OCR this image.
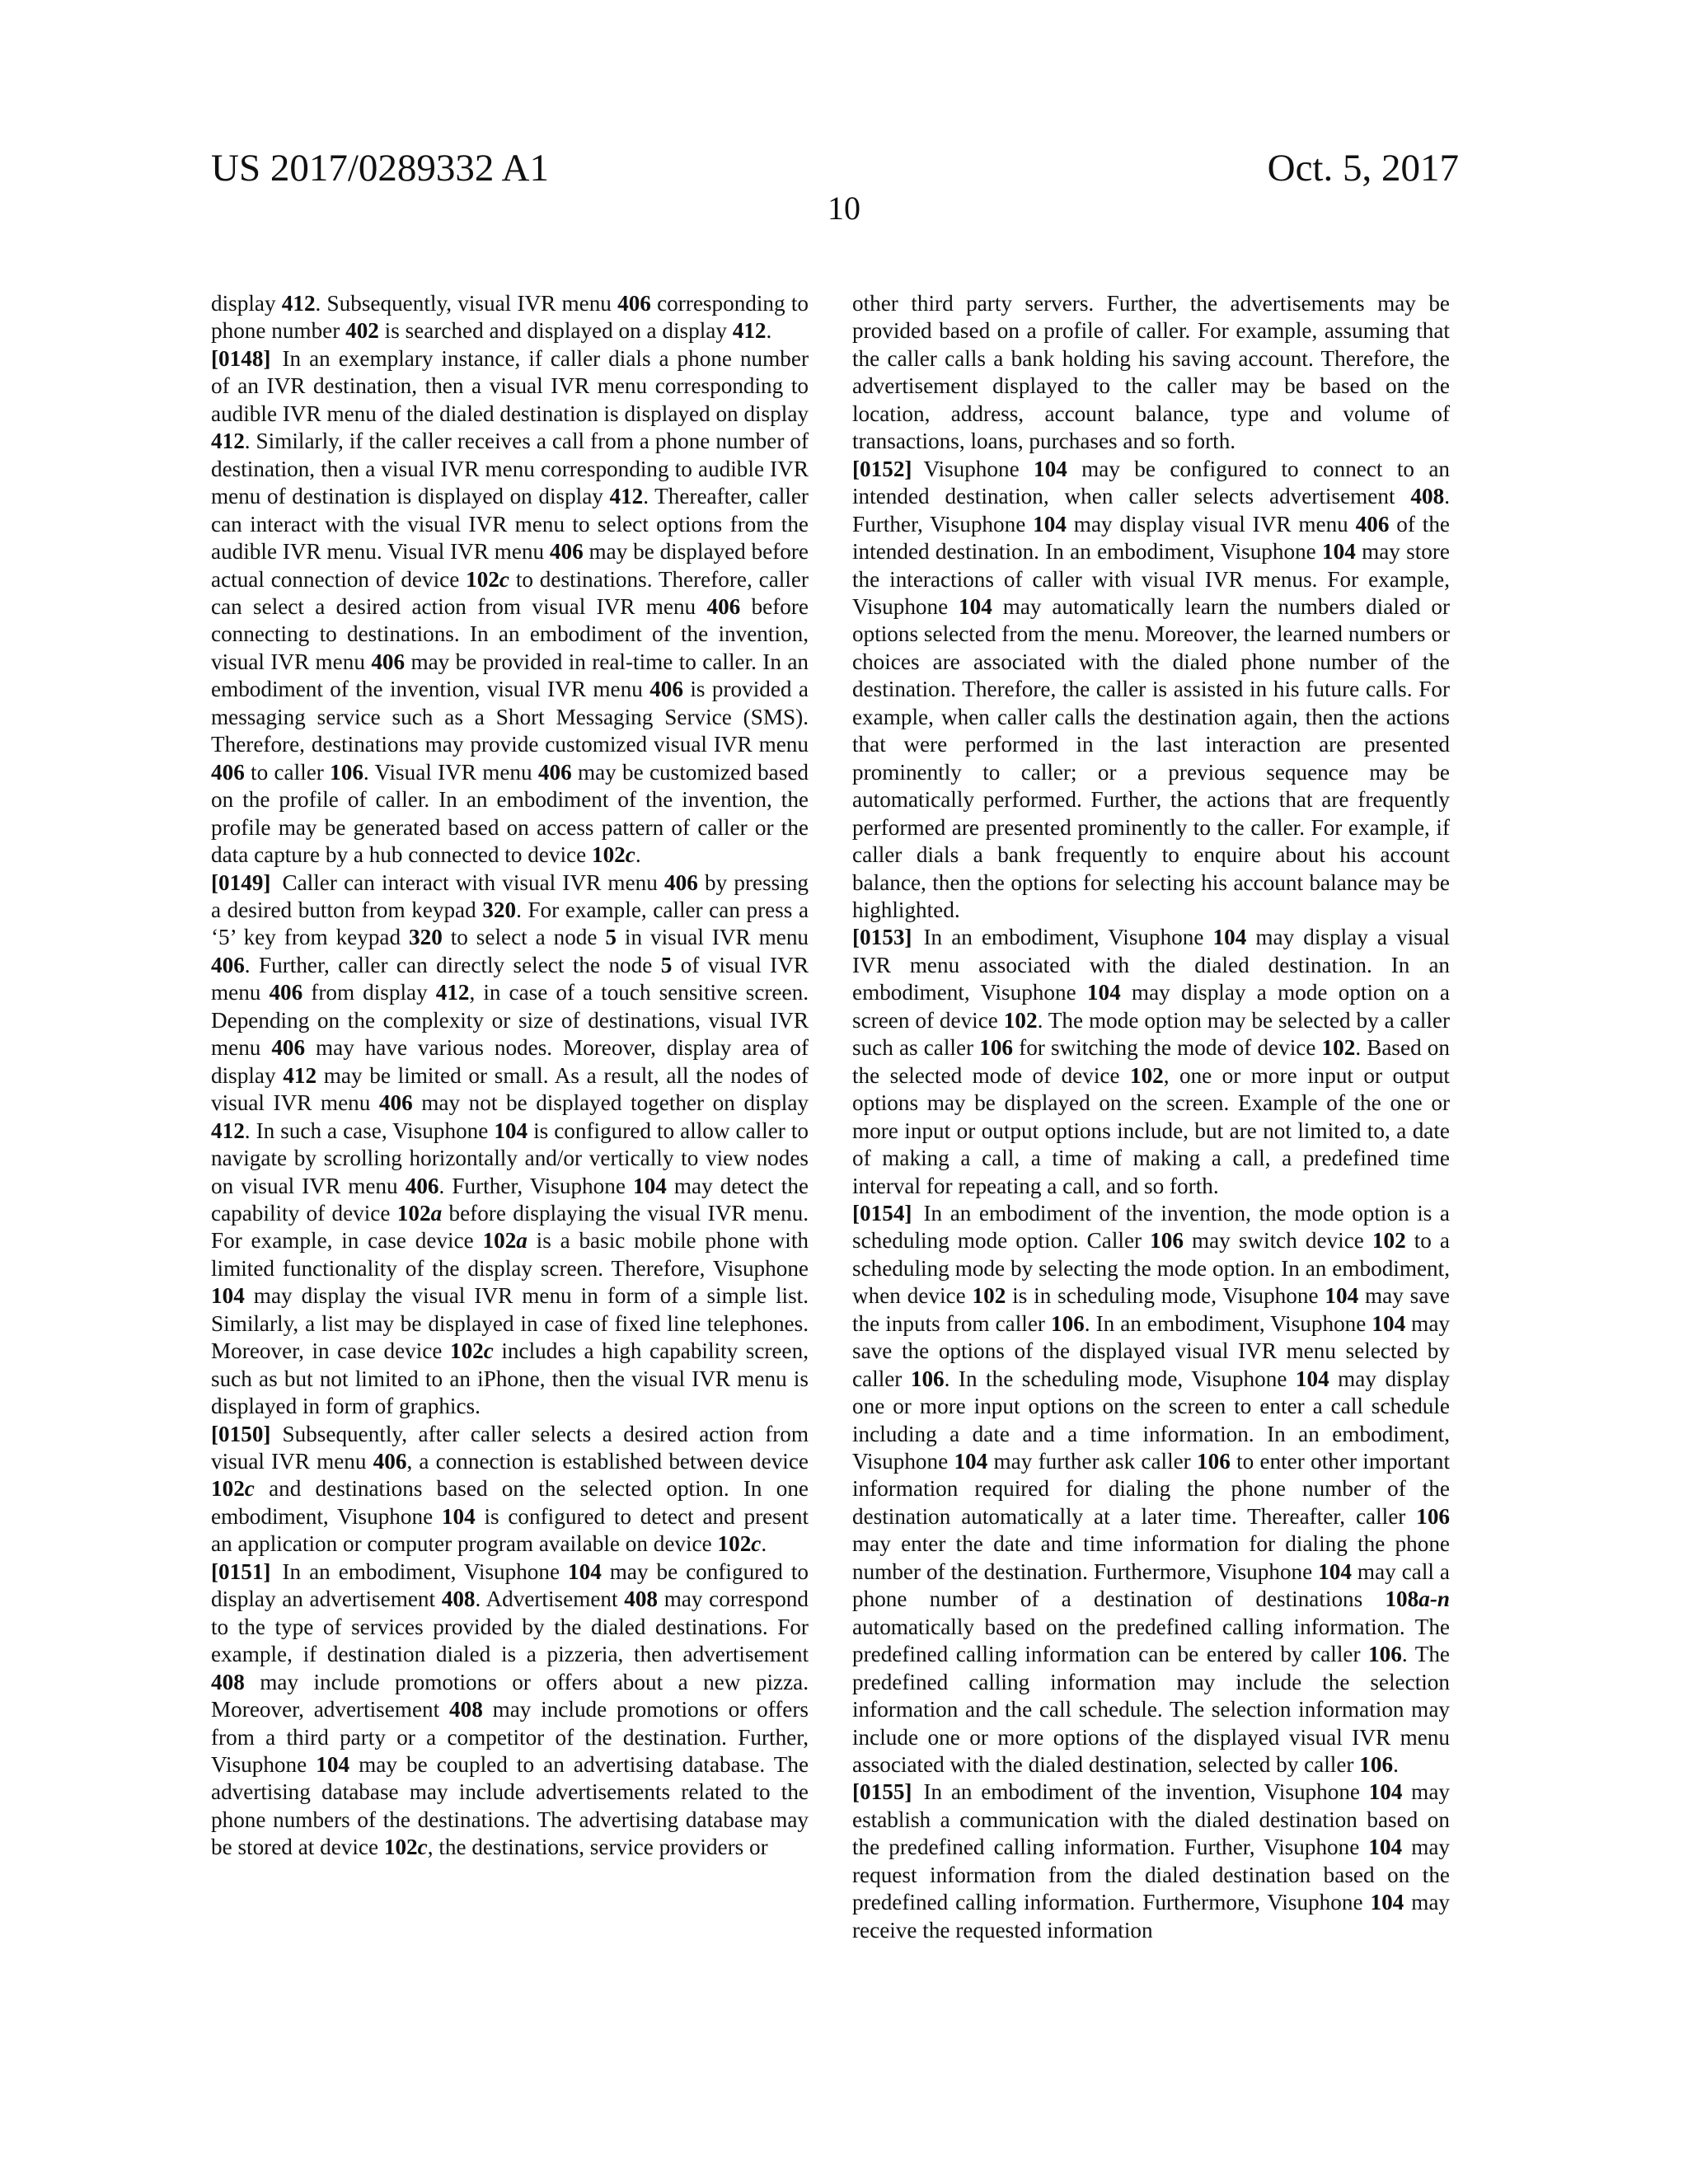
US 2017/0289332 A1	Oct. 5, 2017
10

display 412. Subsequently, visual IVR menu 406 corresponding to phone number 402 is searched and displayed on a display 412.

[0148] In an exemplary instance, if caller dials a phone number of an IVR destination, then a visual IVR menu corresponding to audible IVR menu of the dialed destination is displayed on display 412. Similarly, if the caller receives a call from a phone number of destination, then a visual IVR menu corresponding to audible IVR menu of destination is displayed on display 412. Thereafter, caller can interact with the visual IVR menu to select options from the audible IVR menu. Visual IVR menu 406 may be displayed before actual connection of device 102c to destinations. Therefore, caller can select a desired action from visual IVR menu 406 before connecting to destinations. In an embodiment of the invention, visual IVR menu 406 may be provided in real-time to caller. In an embodiment of the invention, visual IVR menu 406 is provided a messaging service such as a Short Messaging Service (SMS). Therefore, destinations may provide customized visual IVR menu 406 to caller 106. Visual IVR menu 406 may be customized based on the profile of caller. In an embodiment of the invention, the profile may be generated based on access pattern of caller or the data capture by a hub connected to device 102c.

[0149] Caller can interact with visual IVR menu 406 by pressing a desired button from keypad 320. For example, caller can press a ‘5’ key from keypad 320 to select a node 5 in visual IVR menu 406. Further, caller can directly select the node 5 of visual IVR menu 406 from display 412, in case of a touch sensitive screen. Depending on the complexity or size of destinations, visual IVR menu 406 may have various nodes. Moreover, display area of display 412 may be limited or small. As a result, all the nodes of visual IVR menu 406 may not be displayed together on display 412. In such a case, Visuphone 104 is configured to allow caller to navigate by scrolling horizontally and/or vertically to view nodes on visual IVR menu 406. Further, Visuphone 104 may detect the capability of device 102a before displaying the visual IVR menu. For example, in case device 102a is a basic mobile phone with limited functionality of the display screen. Therefore, Visuphone 104 may display the visual IVR menu in form of a simple list. Similarly, a list may be displayed in case of fixed line telephones. Moreover, in case device 102c includes a high capability screen, such as but not limited to an iPhone, then the visual IVR menu is displayed in form of graphics.

[0150] Subsequently, after caller selects a desired action from visual IVR menu 406, a connection is established between device 102c and destinations based on the selected option. In one embodiment, Visuphone 104 is configured to detect and present an application or computer program available on device 102c.

[0151] In an embodiment, Visuphone 104 may be configured to display an advertisement 408. Advertisement 408 may correspond to the type of services provided by the dialed destinations. For example, if destination dialed is a pizzeria, then advertisement 408 may include promotions or offers about a new pizza. Moreover, advertisement 408 may include promotions or offers from a third party or a competitor of the destination. Further, Visuphone 104 may be coupled to an advertising database. The advertising database may include advertisements related to the phone numbers of the destinations. The advertising database may be stored at device 102c, the destinations, service providers or

other third party servers. Further, the advertisements may be provided based on a profile of caller. For example, assuming that the caller calls a bank holding his saving account. Therefore, the advertisement displayed to the caller may be based on the location, address, account balance, type and volume of transactions, loans, purchases and so forth.

[0152] Visuphone 104 may be configured to connect to an intended destination, when caller selects advertisement 408. Further, Visuphone 104 may display visual IVR menu 406 of the intended destination. In an embodiment, Visuphone 104 may store the interactions of caller with visual IVR menus. For example, Visuphone 104 may automatically learn the numbers dialed or options selected from the menu. Moreover, the learned numbers or choices are associated with the dialed phone number of the destination. Therefore, the caller is assisted in his future calls. For example, when caller calls the destination again, then the actions that were performed in the last interaction are presented prominently to caller; or a previous sequence may be automatically performed. Further, the actions that are frequently performed are presented prominently to the caller. For example, if caller dials a bank frequently to enquire about his account balance, then the options for selecting his account balance may be highlighted.

[0153] In an embodiment, Visuphone 104 may display a visual IVR menu associated with the dialed destination. In an embodiment, Visuphone 104 may display a mode option on a screen of device 102. The mode option may be selected by a caller such as caller 106 for switching the mode of device 102. Based on the selected mode of device 102, one or more input or output options may be displayed on the screen. Example of the one or more input or output options include, but are not limited to, a date of making a call, a time of making a call, a predefined time interval for repeating a call, and so forth.

[0154] In an embodiment of the invention, the mode option is a scheduling mode option. Caller 106 may switch device 102 to a scheduling mode by selecting the mode option. In an embodiment, when device 102 is in scheduling mode, Visuphone 104 may save the inputs from caller 106. In an embodiment, Visuphone 104 may save the options of the displayed visual IVR menu selected by caller 106. In the scheduling mode, Visuphone 104 may display one or more input options on the screen to enter a call schedule including a date and a time information. In an embodiment, Visuphone 104 may further ask caller 106 to enter other important information required for dialing the phone number of the destination automatically at a later time. Thereafter, caller 106 may enter the date and time information for dialing the phone number of the destination. Furthermore, Visuphone 104 may call a phone number of a destination of destinations 108a-n automatically based on the predefined calling information. The predefined calling information can be entered by caller 106. The predefined calling information may include the selection information and the call schedule. The selection information may include one or more options of the displayed visual IVR menu associated with the dialed destination, selected by caller 106.

[0155] In an embodiment of the invention, Visuphone 104 may establish a communication with the dialed destination based on the predefined calling information. Further, Visuphone 104 may request information from the dialed destination based on the predefined calling information. Furthermore, Visuphone 104 may receive the requested information
